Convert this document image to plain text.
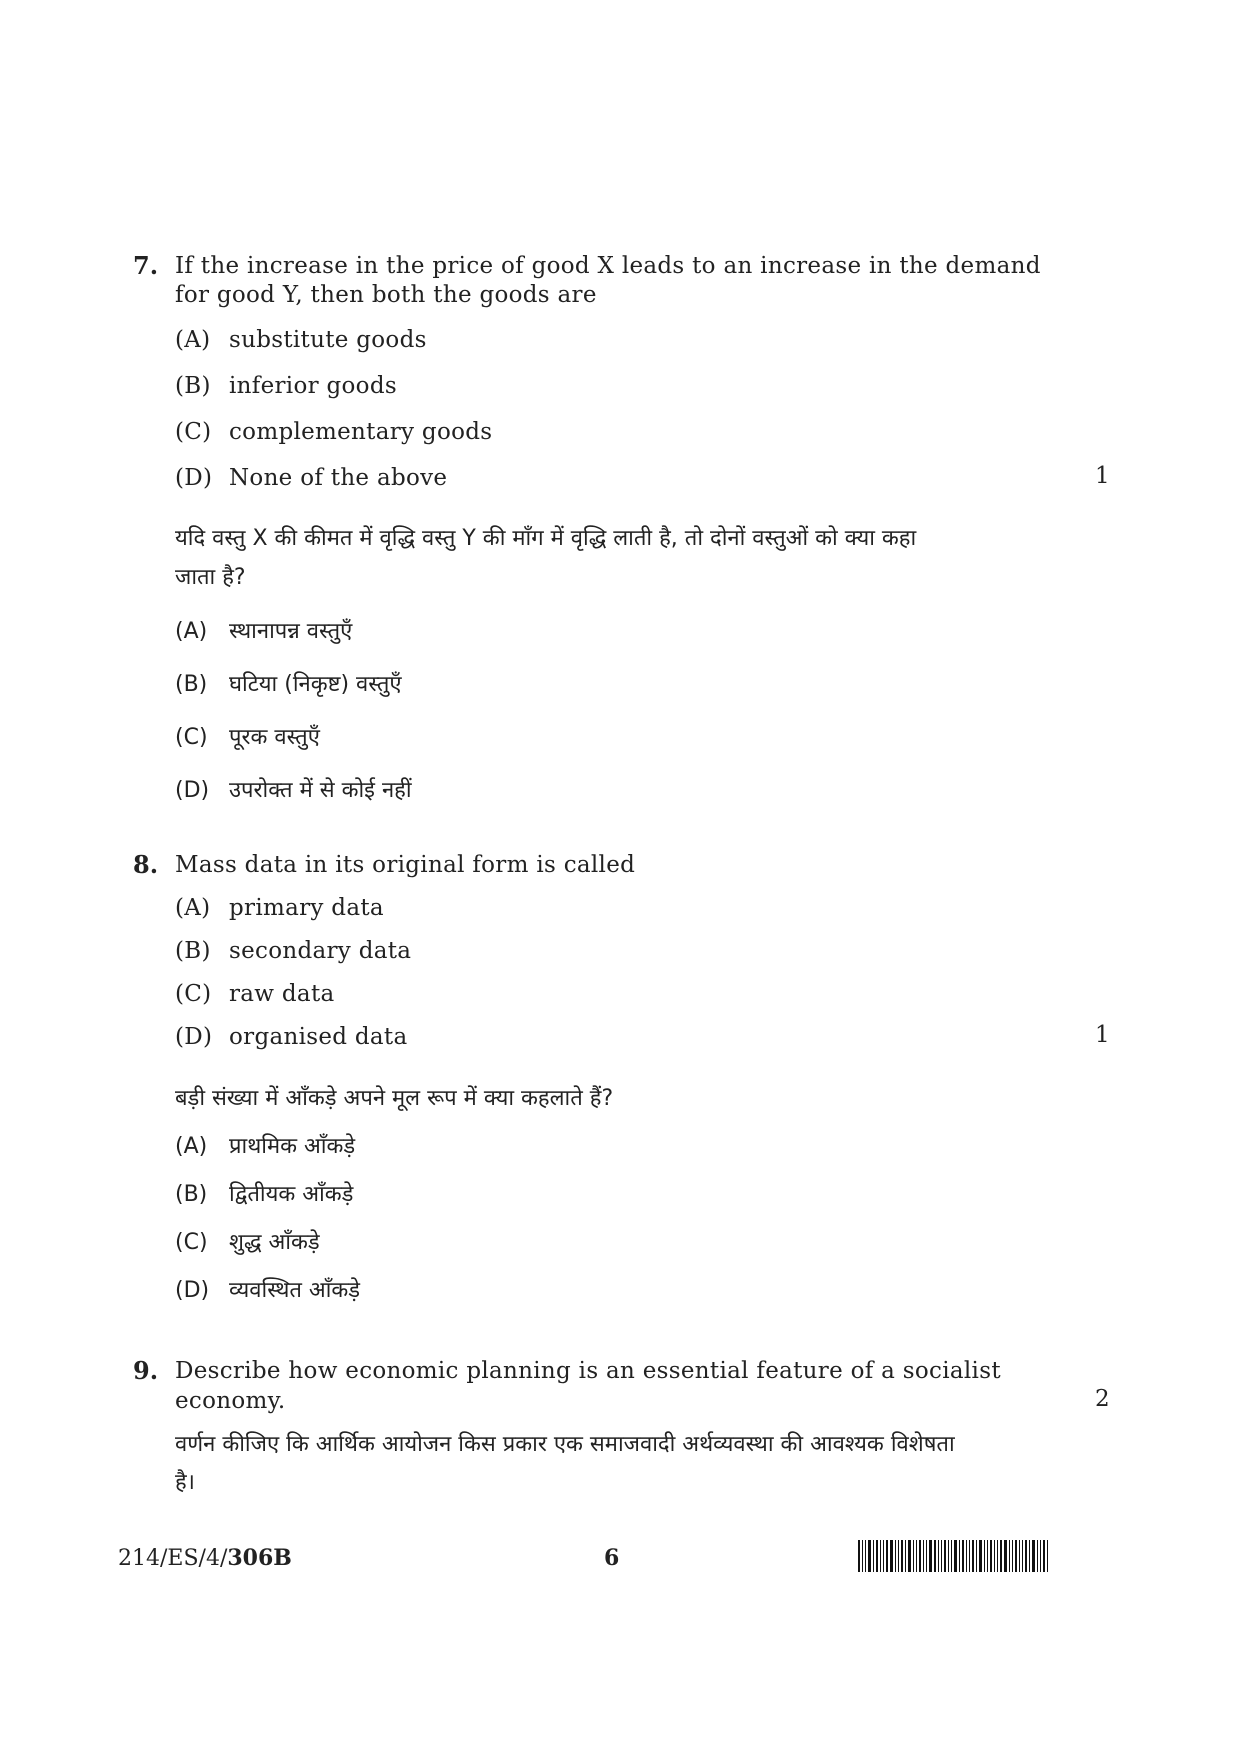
7. If the increase in the price of good X leads to an increase in the demand
for good Y, then both the goods are
(A) substitute goods
(B) inferior goods
(C) complementary goods
(D) None of the above	1
यदि वस्तु X की कीमत में वृद्धि वस्तु Y की माँग में वृद्धि लाती है, तो दोनों वस्तुओं को क्या कहा
जाता है?
(A) स्थानापन्न वस्तुएँ
(B) घटिया (निकृष्ट) वस्तुएँ
(C) पूरक वस्तुएँ
(D) उपरोक्त में से कोई नहीं
8. Mass data in its original form is called
(A) primary data
(B) secondary data
(C) raw data
(D) organised data	1
बड़ी संख्या में आँकड़े अपने मूल रूप में क्या कहलाते हैं?
(A) प्राथमिक आँकड़े
(B) द्वितीयक आँकड़े
(C) शुद्ध आँकड़े
(D) व्यवस्थित आँकड़े
9. Describe how economic planning is an essential feature of a socialist
economy.	2
वर्णन कीजिए कि आर्थिक आयोजन किस प्रकार एक समाजवादी अर्थव्यवस्था की आवश्यक विशेषता
है।
214/ES/4/306B	6
